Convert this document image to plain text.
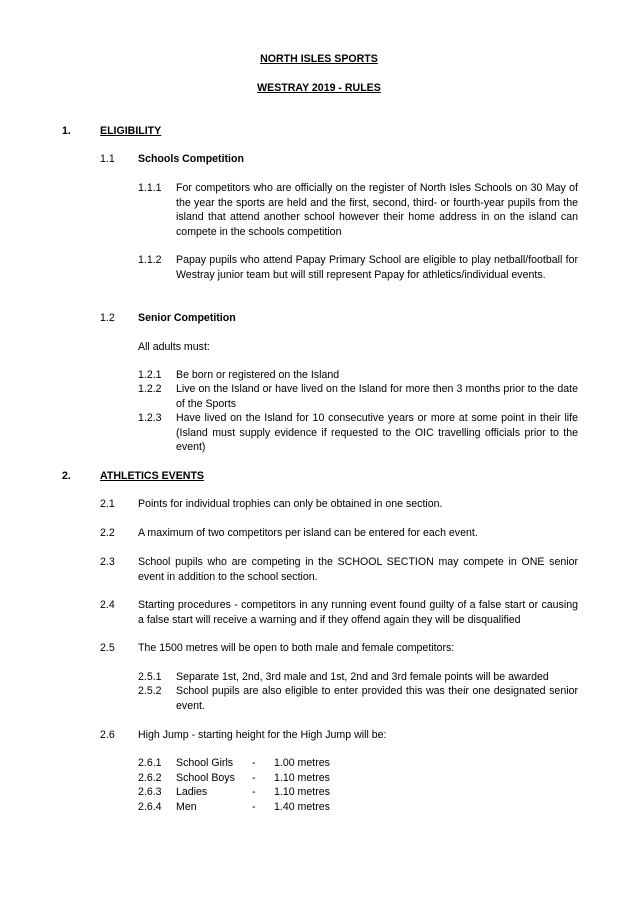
NORTH ISLES SPORTS
WESTRAY 2019 - RULES
1.	ELIGIBILITY
1.1 Schools Competition
1.1.1 For competitors who are officially on the register of North Isles Schools on 30 May of the year the sports are held and the first, second, third- or fourth-year pupils from the island that attend another school however their home address in on the island can compete in the schools competition
1.1.2 Papay pupils who attend Papay Primary School are eligible to play netball/football for Westray junior team but will still represent Papay for athletics/individual events.
1.2 Senior Competition
All adults must:
1.2.1 Be born or registered on the Island
1.2.2 Live on the Island or have lived on the Island for more then 3 months prior to the date of the Sports
1.2.3 Have lived on the Island for 10 consecutive years or more at some point in their life (Island must supply evidence if requested to the OIC travelling officials prior to the event)
2.	ATHLETICS EVENTS
2.1 Points for individual trophies can only be obtained in one section.
2.2 A maximum of two competitors per island can be entered for each event.
2.3 School pupils who are competing in the SCHOOL SECTION may compete in ONE senior event in addition to the school section.
2.4 Starting procedures - competitors in any running event found guilty of a false start or causing a false start will receive a warning and if they offend again they will be disqualified
2.5 The 1500 metres will be open to both male and female competitors:
2.5.1 Separate 1st, 2nd, 3rd male and 1st, 2nd and 3rd female points will be awarded
2.5.2 School pupils are also eligible to enter provided this was their one designated senior event.
2.6 High Jump - starting height for the High Jump will be:
2.6.1 School Girls - 1.00 metres
2.6.2 School Boys - 1.10 metres
2.6.3 Ladies	- 1.10 metres
2.6.4 Men	- 1.40 metres
